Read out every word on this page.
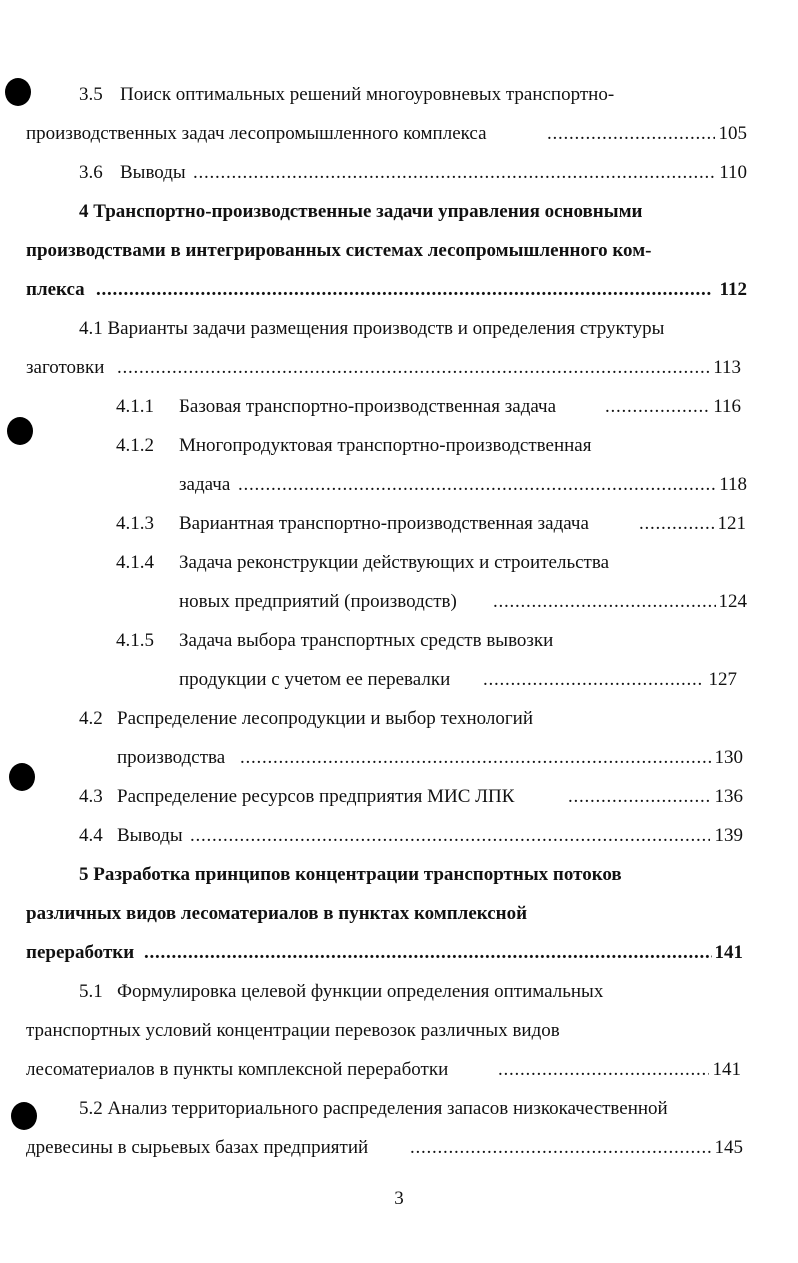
3.5 Поиск оптимальных решений многоуровневых транспортно-
производственных задач лесопромышленного комплекса . . .	105
3.6 Выводы . . .	110
4 Транспортно-производственные задачи управления основными
производствами в интегрированных системах лесопромышленного ком-
плекса . . .	112
4.1 Варианты задачи размещения производств и определения структуры
заготовки . . .	113
4.1.1 Базовая транспортно-производственная задача . . .	116
4.1.2 Многопродуктовая транспортно-производственная
задача . . .	118
4.1.3 Вариантная транспортно-производственная задача . . .	121
4.1.4 Задача реконструкции действующих и строительства
новых предприятий (производств) . . .	124
4.1.5 Задача выбора транспортных средств вывозки
продукции с учетом ее перевалки . . .	127
4.2 Распределение лесопродукции и выбор технологий
производства . . .	130
4.3 Распределение ресурсов предприятия МИС ЛПК . . .	136
4.4 Выводы . . .	139
5 Разработка принципов концентрации транспортных потоков
различных видов лесоматериалов в пунктах комплексной
переработки . . .	141
5.1 Формулировка целевой функции определения оптимальных
транспортных условий концентрации перевозок различных видов
лесоматериалов в пункты комплексной переработки . . .	141
5.2 Анализ территориального распределения запасов низкокачественной
древесины в сырьевых базах предприятий . . .	145
3
